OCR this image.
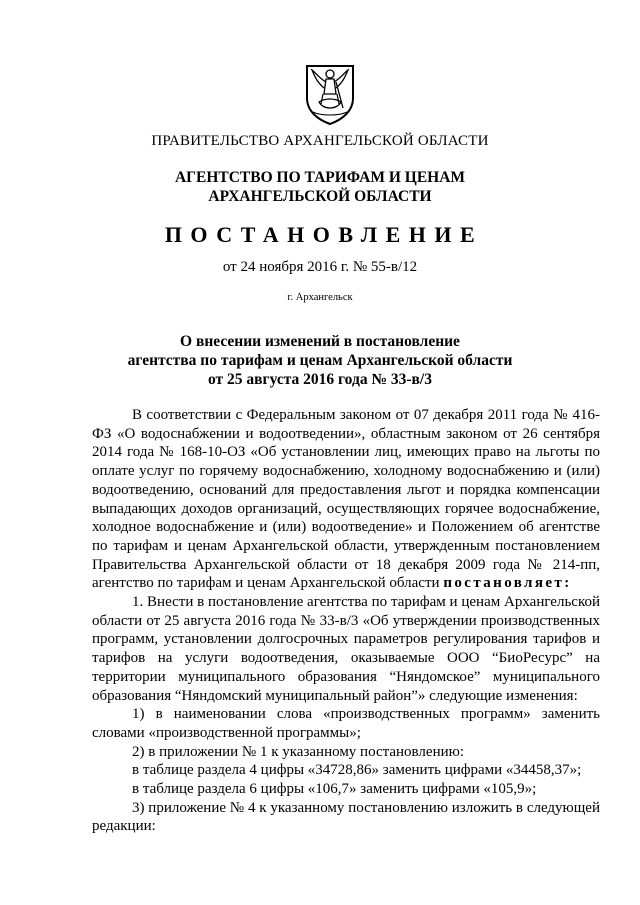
ПРАВИТЕЛЬСТВО АРХАНГЕЛЬСКОЙ ОБЛАСТИ
АГЕНТСТВО ПО ТАРИФАМ И ЦЕНАМ
АРХАНГЕЛЬСКОЙ ОБЛАСТИ
ПОСТАНОВЛЕНИЕ
от 24 ноября 2016 г. № 55-в/12
г. Архангельск
О внесении изменений в постановление
агентства по тарифам и ценам Архангельской области
от 25 августа 2016 года № 33-в/3

В соответствии с Федеральным законом от 07 декабря 2011 года № 416-ФЗ «О водоснабжении и водоотведении», областным законом от 26 сентября 2014 года № 168-10-ОЗ «Об установлении лиц, имеющих право на льготы по оплате услуг по горячему водоснабжению, холодному водоснабжению и (или) водоотведению, оснований для предоставления льгот и порядка компенсации выпадающих доходов организаций, осуществляющих горячее водоснабжение, холодное водоснабжение и (или) водоотведение» и Положением об агентстве по тарифам и ценам Архангельской области, утвержденным постановлением Правительства Архангельской области от 18 декабря 2009 года № 214-пп, агентство по тарифам и ценам Архангельской области постановляет:

1. Внести в постановление агентства по тарифам и ценам Архангельской области от 25 августа 2016 года № 33-в/3 «Об утверждении производственных программ, установлении долгосрочных параметров регулирования тарифов и тарифов на услуги водоотведения, оказываемые ООО “БиоРесурс” на территории муниципального образования “Няндомское” муниципального образования “Няндомский муниципальный район”» следующие изменения:

1) в наименовании слова «производственных программ» заменить словами «производственной программы»;

2) в приложении № 1 к указанному постановлению:

в таблице раздела 4 цифры «34728,86» заменить цифрами «34458,37»;

в таблице раздела 6 цифры «106,7» заменить цифрами «105,9»;

3) приложение № 4 к указанному постановлению изложить в следующей редакции:
